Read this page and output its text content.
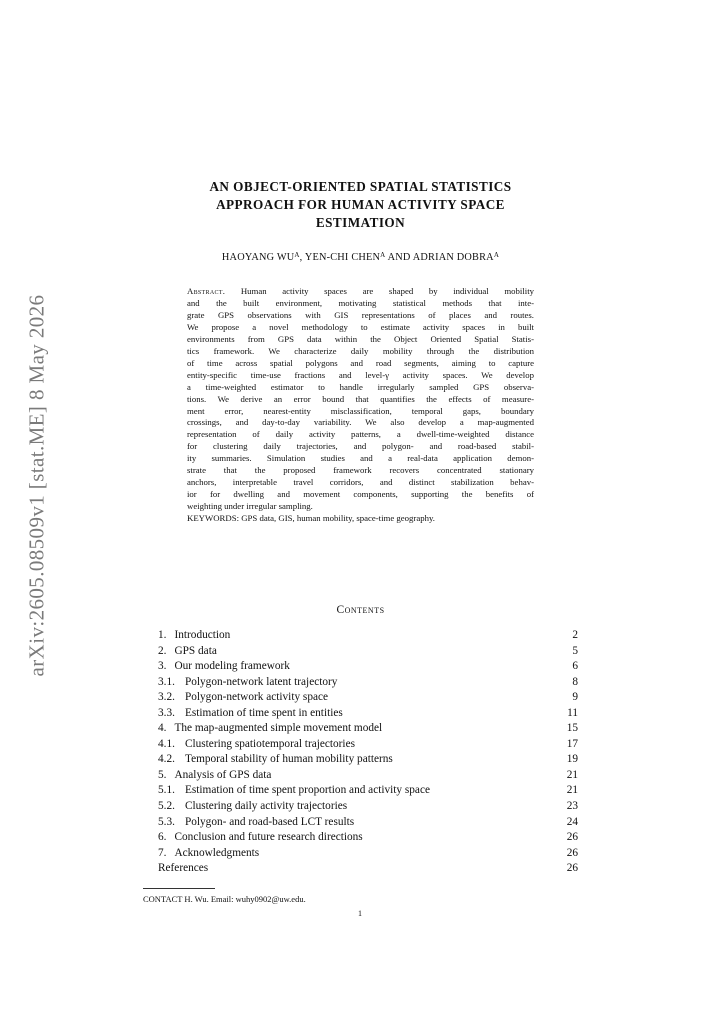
arXiv:2605.08509v1 [stat.ME] 8 May 2026
AN OBJECT-ORIENTED SPATIAL STATISTICS
APPROACH FOR HUMAN ACTIVITY SPACE
ESTIMATION
HAOYANG $WU^A$, YEN-CHI $CHEN^A$ AND ADRIAN $DOBRA^A$
Abstract. Human activity spaces are shaped by individual mobility
and the built environment, motivating statistical methods that inte-
grate GPS observations with GIS representations of places and routes.
We propose a novel methodology to estimate activity spaces in built
environments from GPS data within the Object Oriented Spatial Statis-
tics framework. We characterize daily mobility through the distribution
of time across spatial polygons and road segments, aiming to capture
entity-specific time-use fractions and level-γ activity spaces. We develop
a time-weighted estimator to handle irregularly sampled GPS observa-
tions. We derive an error bound that quantifies the effects of measure-
ment error, nearest-entity misclassification, temporal gaps, boundary
crossings, and day-to-day variability. We also develop a map-augmented
representation of daily activity patterns, a dwell-time-weighted distance
for clustering daily trajectories, and polygon- and road-based stabil-
ity summaries. Simulation studies and a real-data application demon-
strate that the proposed framework recovers concentrated stationary
anchors, interpretable travel corridors, and distinct stabilization behav-
ior for dwelling and movement components, supporting the benefits of
weighting under irregular sampling.
KEYWORDS: GPS data, GIS, human mobility, space-time geography.
Contents
1. Introduction	2
2. GPS data	5
3. Our modeling framework	6
3.1. Polygon-network latent trajectory	8
3.2. Polygon-network activity space	9
3.3. Estimation of time spent in entities	11
4. The map-augmented simple movement model	15
4.1. Clustering spatiotemporal trajectories	17
4.2. Temporal stability of human mobility patterns	19
5. Analysis of GPS data	21
5.1. Estimation of time spent proportion and activity space	21
5.2. Clustering daily activity trajectories	23
5.3. Polygon- and road-based LCT results	24
6. Conclusion and future research directions	26
7. Acknowledgments	26
References	26
CONTACT H. Wu. Email: wuhy0902@uw.edu.
1
